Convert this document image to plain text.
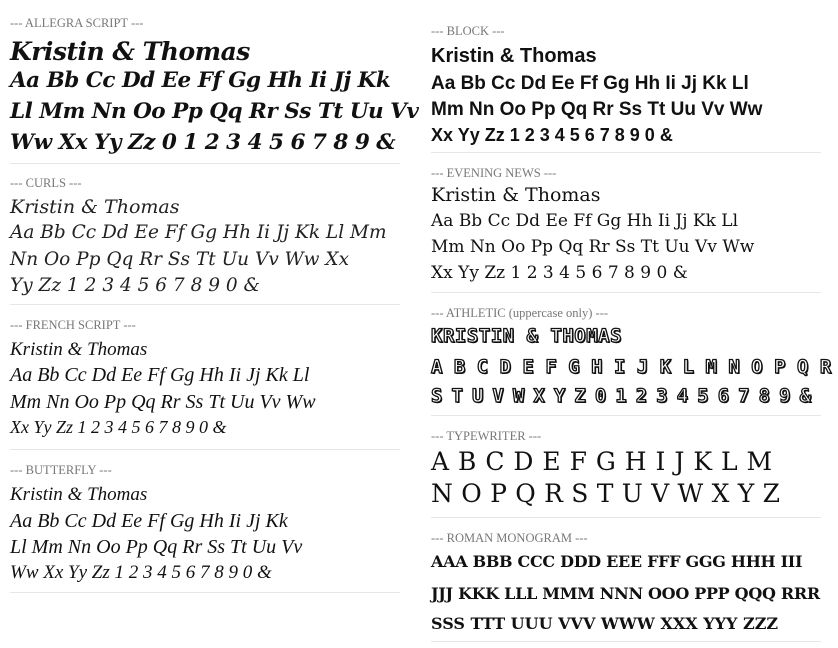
--- ALLEGRA SCRIPT ---
Kristin & Thomas
Aa Bb Cc Dd Ee Ff Gg Hh Ii Jj Kk
Ll Mm Nn Oo Pp Qq Rr Ss Tt Uu Vv
Ww Xx Yy Zz 0 1 2 3 4 5 6 7 8 9 &
--- CURLS ---
Kristin & Thomas
Aa Bb Cc Dd Ee Ff Gg Hh Ii Jj Kk Ll Mm
Nn Oo Pp Qq Rr Ss Tt Uu Vv Ww Xx
Yy Zz 1 2 3 4 5 6 7 8 9 0 &
--- FRENCH SCRIPT ---
Kristin & Thomas
Aa Bb Cc Dd Ee Ff Gg Hh Ii Jj Kk Ll
Mm Nn Oo Pp Qq Rr Ss Tt Uu Vv Ww
Xx Yy Zz 1 2 3 4 5 6 7 8 9 0 &
--- BUTTERFLY ---
Kristin & Thomas
Aa Bb Cc Dd Ee Ff Gg Hh Ii Jj Kk
Ll Mm Nn Oo Pp Qq Rr Ss Tt Uu Vv
Ww Xx Yy Zz 1 2 3 4 5 6 7 8 9 0 &
--- BLOCK ---
Kristin & Thomas
Aa Bb Cc Dd Ee Ff Gg Hh Ii Jj Kk Ll
Mm Nn Oo Pp Qq Rr Ss Tt Uu Vv Ww
Xx Yy Zz 1 2 3 4 5 6 7 8 9 0 &
--- EVENING NEWS ---
Kristin & Thomas
Aa Bb Cc Dd Ee Ff Gg Hh Ii Jj Kk Ll
Mm Nn Oo Pp Qq Rr Ss Tt Uu Vv Ww
Xx Yy Zz 1 2 3 4 5 6 7 8 9 0 &
--- ATHLETIC (uppercase only) ---
KRISTIN & THOMAS
A B C D E F G H I J K L M N O P Q R
S T U V W X Y Z 0 1 2 3 4 5 6 7 8 9 &
--- TYPEWRITER ---
A B C D E F G H I J K L M
N O P Q R S T U V W X Y Z
--- ROMAN MONOGRAM ---
AAA BBB CCC DDD EEE FFF GGG HHH III
JJJ KKK LLL MMM NNN OOO PPP QQQ RRR
SSS TTT UUU VVV WWW XXX YYY ZZZ
